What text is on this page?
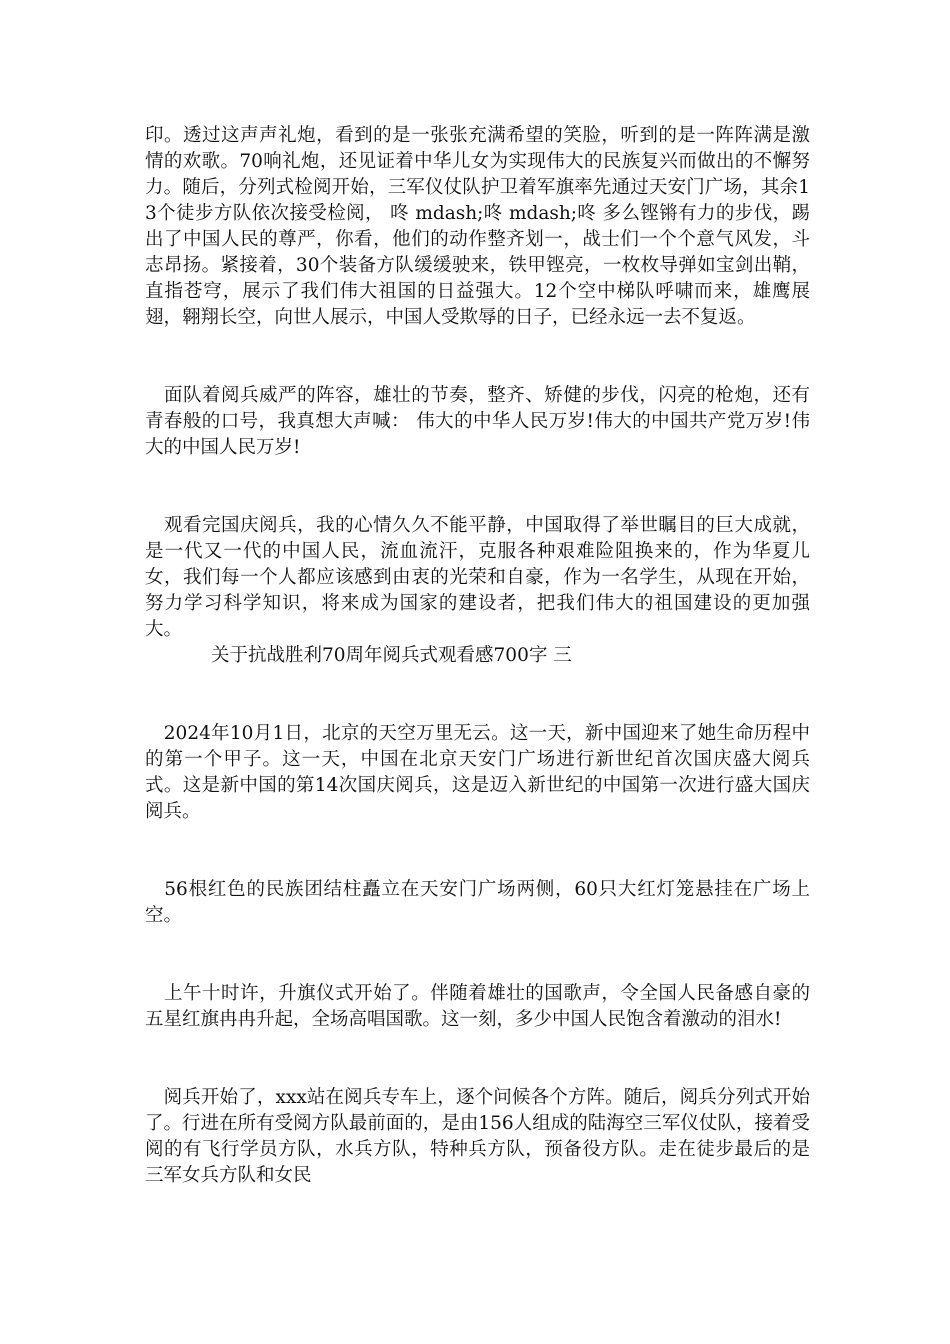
印。透过这声声礼炮，看到的是一张张充满希望的笑脸，听到的是一阵阵满是激情的欢歌。70响礼炮，还见证着中华儿女为实现伟大的民族复兴而做出的不懈努力。随后，分列式检阅开始，三军仪仗队护卫着军旗率先通过天安门广场，其余13个徒步方队依次接受检阅， 咚 mdash;咚 mdash;咚 多么铿锵有力的步伐，踢出了中国人民的尊严，你看，他们的动作整齐划一，战士们一个个意气风发，斗志昂扬。紧接着，30个装备方队缓缓驶来，铁甲铿亮，一枚枚导弹如宝剑出鞘，直指苍穹，展示了我们伟大祖国的日益强大。12个空中梯队呼啸而来，雄鹰展翅，翱翔长空，向世人展示，中国人受欺辱的日子，已经永远一去不复返。

　面队着阅兵威严的阵容，雄壮的节奏，整齐、矫健的步伐，闪亮的枪炮，还有青春般的口号，我真想大声喊： 伟大的中华人民万岁!伟大的中国共产党万岁!伟大的中国人民万岁!

　观看完国庆阅兵，我的心情久久不能平静，中国取得了举世瞩目的巨大成就，是一代又一代的中国人民，流血流汗，克服各种艰难险阻换来的，作为华夏儿女，我们每一个人都应该感到由衷的光荣和自豪，作为一名学生，从现在开始，努力学习科学知识，将来成为国家的建设者，把我们伟大的祖国建设的更加强大。

关于抗战胜利70周年阅兵式观看感700字 三

　2024年10月1日，北京的天空万里无云。这一天，新中国迎来了她生命历程中的第一个甲子。这一天，中国在北京天安门广场进行新世纪首次国庆盛大阅兵式。这是新中国的第14次国庆阅兵，这是迈入新世纪的中国第一次进行盛大国庆阅兵。

　56根红色的民族团结柱矗立在天安门广场两侧，60只大红灯笼悬挂在广场上空。

　上午十时许，升旗仪式开始了。伴随着雄壮的国歌声，令全国人民备感自豪的五星红旗冉冉升起，全场高唱国歌。这一刻，多少中国人民饱含着激动的泪水!

　阅兵开始了，xxx站在阅兵专车上，逐个问候各个方阵。随后，阅兵分列式开始了。行进在所有受阅方队最前面的，是由156人组成的陆海空三军仪仗队，接着受阅的有飞行学员方队，水兵方队，特种兵方队，预备役方队。走在徒步最后的是三军女兵方队和女民
